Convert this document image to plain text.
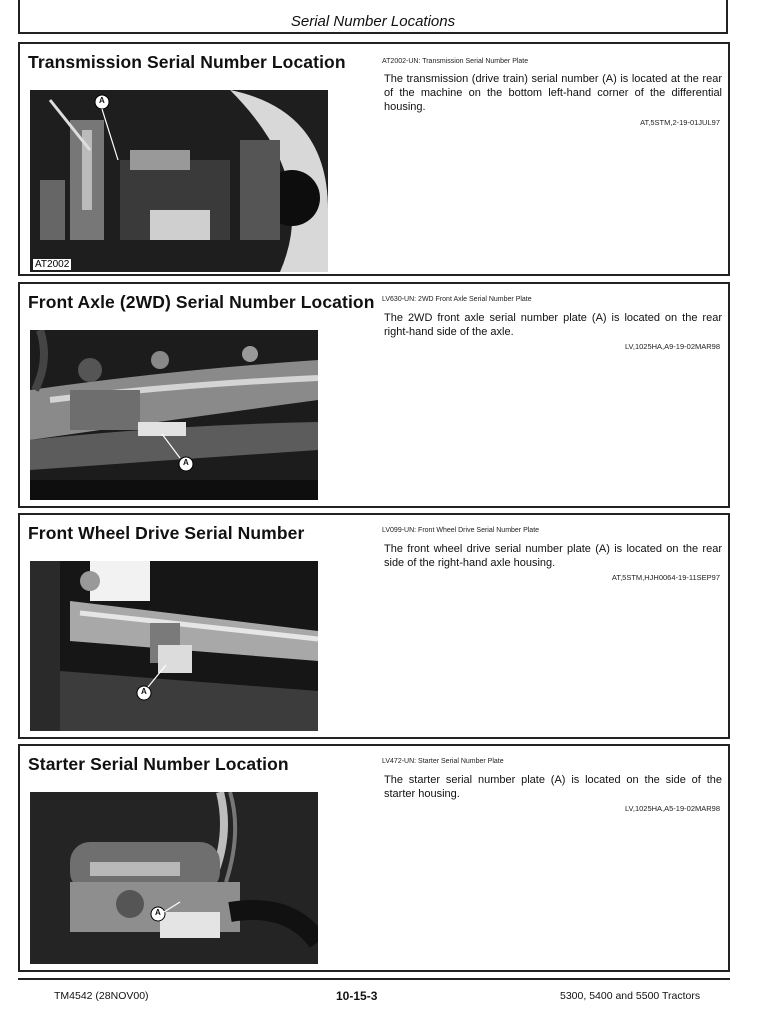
Serial Number Locations
Transmission Serial Number Location
A
AT2002
AT2002-UN: Transmission Serial Number Plate
The transmission (drive train) serial number (A) is located at the rear of the machine on the bottom left-hand corner of the differential housing.
AT,5STM,2-19-01JUL97
Front Axle (2WD) Serial Number Location
A
LV630-UN: 2WD Front Axle Serial Number Plate
The 2WD front axle serial number plate (A) is located on the rear right-hand side of the axle.
LV,1025HA,A9-19-02MAR98
Front Wheel Drive Serial Number
A
LV099-UN: Front Wheel Drive Serial Number Plate
The front wheel drive serial number plate (A) is located on the rear side of the right-hand axle housing.
AT,5STM,HJH0064-19-11SEP97
Starter Serial Number Location
A
LV472-UN: Starter Serial Number Plate
The starter serial number plate (A) is located on the side of the starter housing.
LV,1025HA,A5-19-02MAR98
TM4542 (28NOV00)	10-15-3	5300, 5400 and 5500 Tractors
